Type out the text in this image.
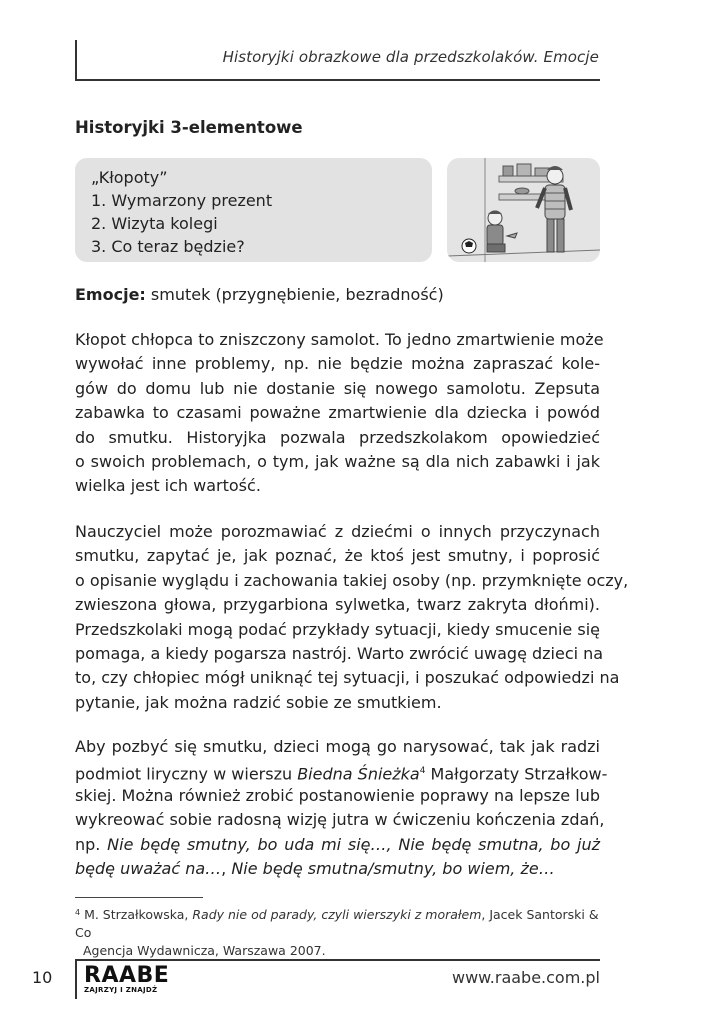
Historyjki obrazkowe dla przedszkolaków. Emocje
Historyjki 3-elementowe
„Kłopoty”
1. Wymarzony prezent
2. Wizyta kolegi
3. Co teraz będzie?
Emocje: smutek (przygnębienie, bezradność)
Kłopot chłopca to zniszczony samolot. To jedno zmartwienie może
wywołać inne problemy, np. nie będzie można zapraszać kole-
gów do domu lub nie dostanie się nowego samolotu. Zepsuta
zabawka to czasami poważne zmartwienie dla dziecka i powód
do smutku. Historyjka pozwala przedszkolakom opowiedzieć
o swoich problemach, o tym, jak ważne są dla nich zabawki i jak
wielka jest ich wartość.
Nauczyciel może porozmawiać z dziećmi o innych przyczynach
smutku, zapytać je, jak poznać, że ktoś jest smutny, i poprosić
o opisanie wyglądu i zachowania takiej osoby (np. przymknięte oczy,
zwieszona głowa, przygarbiona sylwetka, twarz zakryta dłońmi).
Przedszkolaki mogą podać przykłady sytuacji, kiedy smucenie się
pomaga, a kiedy pogarsza nastrój. Warto zwrócić uwagę dzieci na
to, czy chłopiec mógł uniknąć tej sytuacji, i poszukać odpowiedzi na
pytanie, jak można radzić sobie ze smutkiem.
Aby pozbyć się smutku, dzieci mogą go narysować, tak jak radzi
podmiot liryczny w wierszu Biedna Śnieżka$^4$ Małgorzaty Strzałkow-
skiej. Można również zrobić postanowienie poprawy na lepsze lub
wykreować sobie radosną wizję jutra w ćwiczeniu kończenia zdań,
np. Nie będę smutny, bo uda mi się…, Nie będę smutna, bo już
będę uważać na…, Nie będę smutna/smutny, bo wiem, że…
$^4$ M. Strzałkowska, Rady nie od parady, czyli wierszyki z morałem, Jacek Santorski & Co
Agencja Wydawnicza, Warszawa 2007.
10 RAABE
ZAJRZYJ I ZNAJDŹ
www.raabe.com.pl
